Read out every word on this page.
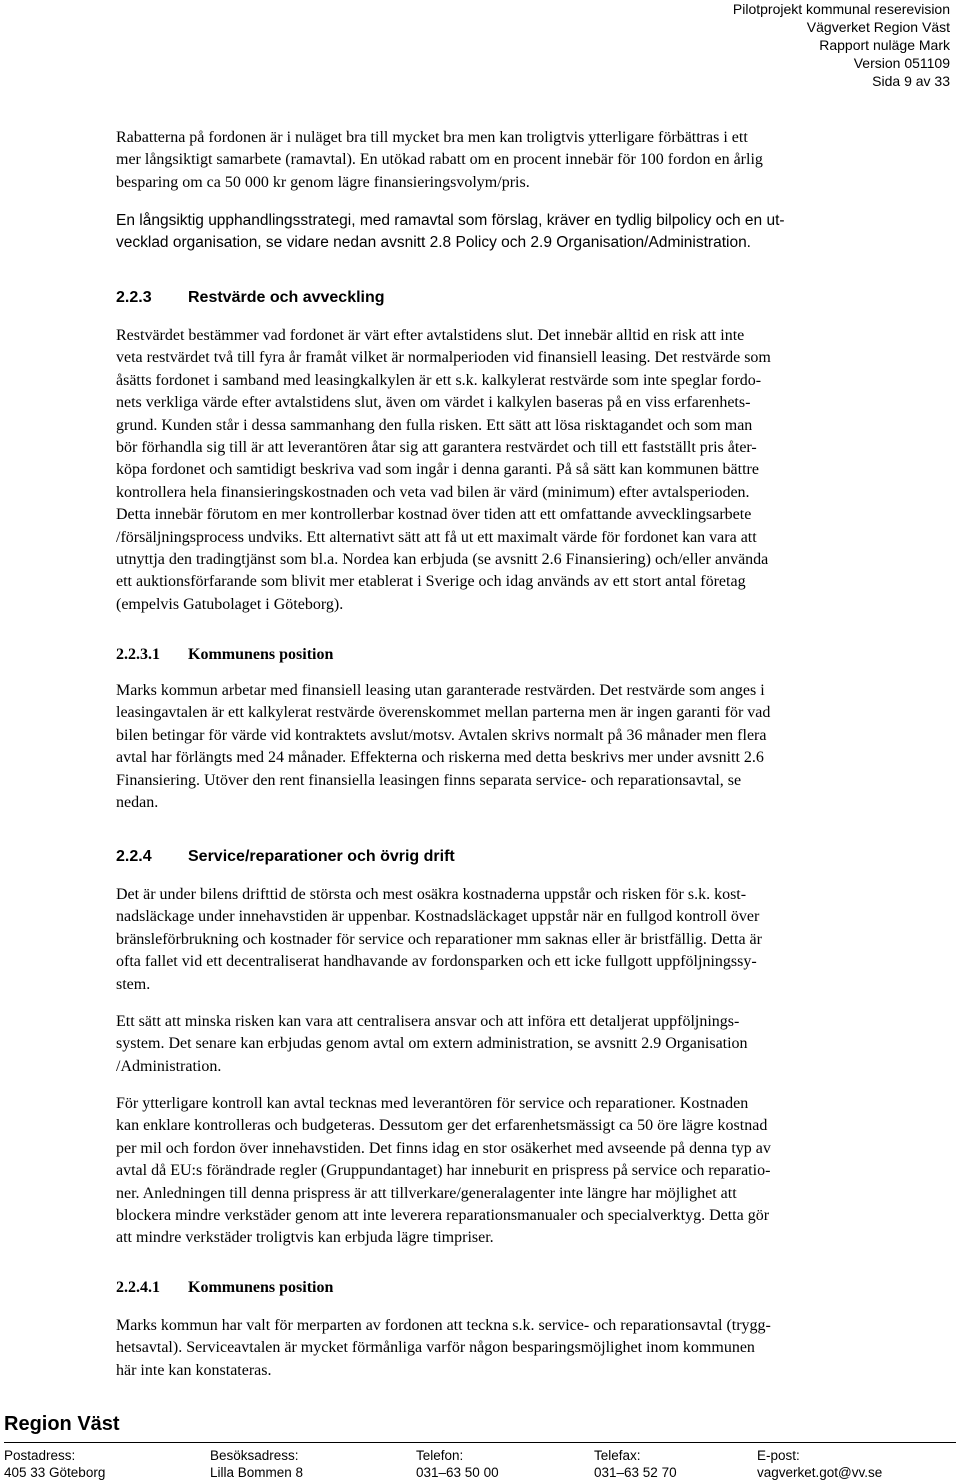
Pilotprojekt kommunal reserevision
Vägverket Region Väst
Rapport nuläge Mark
Version 051109
Sida 9 av 33

Rabatterna på fordonen är i nuläget bra till mycket bra men kan troligtvis ytterligare förbättras i ett
mer långsiktigt samarbete (ramavtal). En utökad rabatt om en procent innebär för 100 fordon en årlig
besparing om ca 50 000 kr genom lägre finansieringsvolym/pris.

En långsiktig upphandlingsstrategi, med ramavtal som förslag, kräver en tydlig bilpolicy och en ut-
vecklad organisation, se vidare nedan avsnitt 2.8 Policy och 2.9 Organisation/Administration.

2.2.3 Restvärde och avveckling

Restvärdet bestämmer vad fordonet är värt efter avtalstidens slut. Det innebär alltid en risk att inte
veta restvärdet två till fyra år framåt vilket är normalperioden vid finansiell leasing. Det restvärde som
åsätts fordonet i samband med leasingkalkylen är ett s.k. kalkylerat restvärde som inte speglar fordo-
nets verkliga värde efter avtalstidens slut, även om värdet i kalkylen baseras på en viss erfarenhets-
grund. Kunden står i dessa sammanhang den fulla risken. Ett sätt att lösa risktagandet och som man
bör förhandla sig till är att leverantören åtar sig att garantera restvärdet och till ett fastställt pris åter-
köpa fordonet och samtidigt beskriva vad som ingår i denna garanti. På så sätt kan kommunen bättre
kontrollera hela finansieringskostnaden och veta vad bilen är värd (minimum) efter avtalsperioden.
Detta innebär förutom en mer kontrollerbar kostnad över tiden att ett omfattande avvecklingsarbete
/försäljningsprocess undviks. Ett alternativt sätt att få ut ett maximalt värde för fordonet kan vara att
utnyttja den tradingtjänst som bl.a. Nordea kan erbjuda (se avsnitt 2.6 Finansiering) och/eller använda
ett auktionsförfarande som blivit mer etablerat i Sverige och idag används av ett stort antal företag
(empelvis Gatubolaget i Göteborg).

2.2.3.1 Kommunens position

Marks kommun arbetar med finansiell leasing utan garanterade restvärden. Det restvärde som anges i
leasingavtalen är ett kalkylerat restvärde överenskommet mellan parterna men är ingen garanti för vad
bilen betingar för värde vid kontraktets avslut/motsv. Avtalen skrivs normalt på 36 månader men flera
avtal har förlängts med 24 månader. Effekterna och riskerna med detta beskrivs mer under avsnitt 2.6
Finansiering. Utöver den rent finansiella leasingen finns separata service- och reparationsavtal, se
nedan.

2.2.4 Service/reparationer och övrig drift

Det är under bilens drifttid de största och mest osäkra kostnaderna uppstår och risken för s.k. kost-
nadsläckage under innehavstiden är uppenbar. Kostnadsläckaget uppstår när en fullgod kontroll över
bränsleförbrukning och kostnader för service och reparationer mm saknas eller är bristfällig. Detta är
ofta fallet vid ett decentraliserat handhavande av fordonsparken och ett icke fullgott uppföljningssy-
stem.

Ett sätt att minska risken kan vara att centralisera ansvar och att införa ett detaljerat uppföljnings-
system. Det senare kan erbjudas genom avtal om extern administration, se avsnitt 2.9 Organisation
/Administration.

För ytterligare kontroll kan avtal tecknas med leverantören för service och reparationer. Kostnaden
kan enklare kontrolleras och budgeteras. Dessutom ger det erfarenhetsmässigt ca 50 öre lägre kostnad
per mil och fordon över innehavstiden. Det finns idag en stor osäkerhet med avseende på denna typ av
avtal då EU:s förändrade regler (Gruppundantaget) har inneburit en prispress på service och reparatio-
ner. Anledningen till denna prispress är att tillverkare/generalagenter inte längre har möjlighet att
blockera mindre verkstäder genom att inte leverera reparationsmanualer och specialverktyg. Detta gör
att mindre verkstäder troligtvis kan erbjuda lägre timpriser.

2.2.4.1 Kommunens position

Marks kommun har valt för merparten av fordonen att teckna s.k. service- och reparationsavtal (trygg-
hetsavtal). Serviceavtalen är mycket förmånliga varför någon besparingsmöjlighet inom kommunen
här inte kan konstateras.

Region Väst
Postadress:
405 33 Göteborg
Besöksadress:
Lilla Bommen 8
Telefon:
031–63 50 00
Telefax:
031–63 52 70
E-post:
vagverket.got@vv.se
